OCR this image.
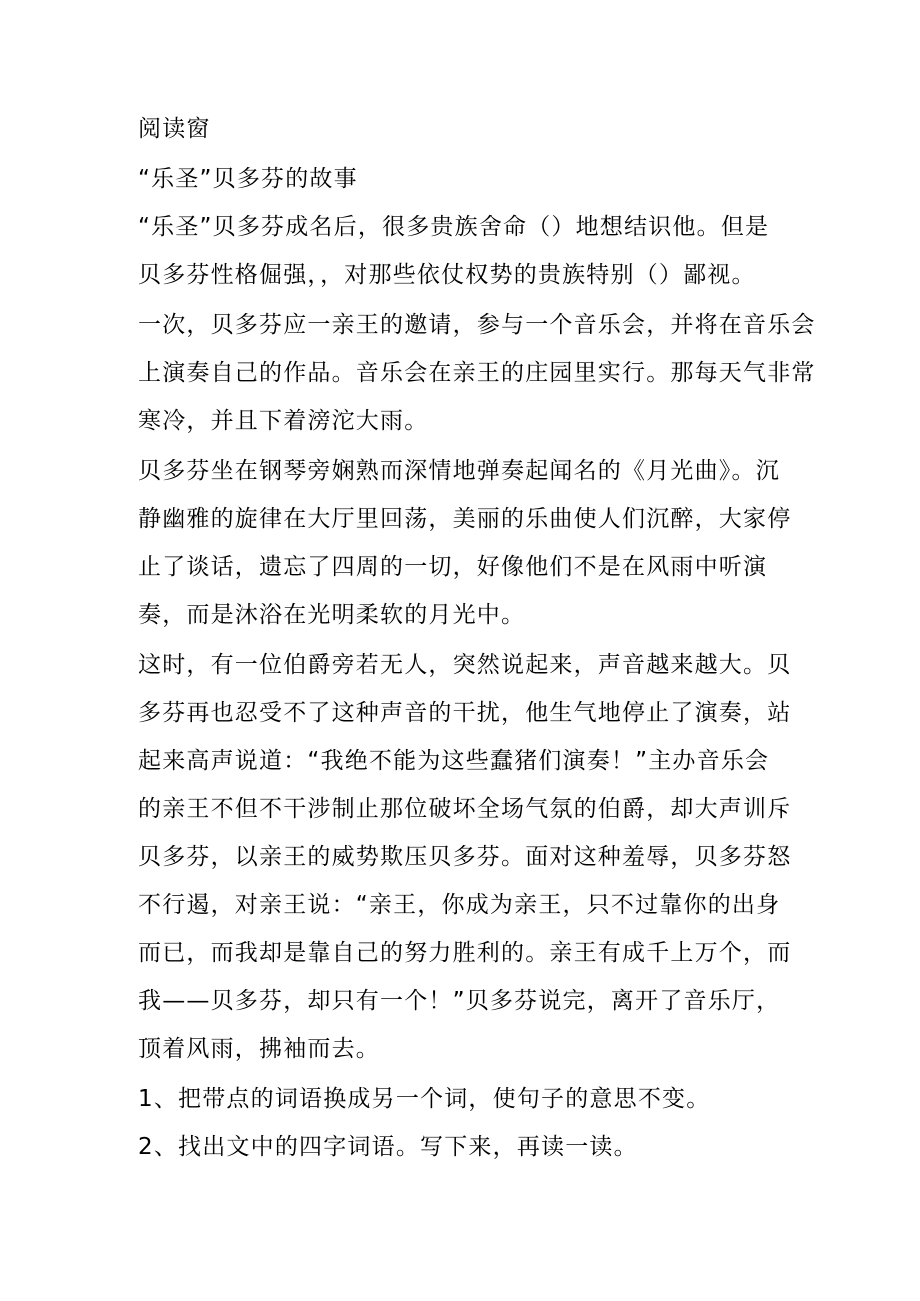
阅读窗
“乐圣”贝多芬的故事
“乐圣”贝多芬成名后，很多贵族舍命（）地想结识他。但是
贝多芬性格倔强，，对那些依仗权势的贵族特别（）鄙视。
一次，贝多芬应一亲王的邀请，参与一个音乐会，并将在音乐会
上演奏自己的作品。音乐会在亲王的庄园里实行。那每天气非常
寒冷，并且下着滂沱大雨。
贝多芬坐在钢琴旁娴熟而深情地弹奏起闻名的《月光曲》。沉
静幽雅的旋律在大厅里回荡，美丽的乐曲使人们沉醉，大家停
止了谈话，遗忘了四周的一切，好像他们不是在风雨中听演
奏，而是沐浴在光明柔软的月光中。
这时，有一位伯爵旁若无人，突然说起来，声音越来越大。贝
多芬再也忍受不了这种声音的干扰，他生气地停止了演奏，站
起来高声说道：“我绝不能为这些蠢猪们演奏！”主办音乐会
的亲王不但不干涉制止那位破坏全场气氛的伯爵，却大声训斥
贝多芬，以亲王的威势欺压贝多芬。面对这种羞辱，贝多芬怒
不行遏，对亲王说：“亲王，你成为亲王，只不过靠你的出身
而已，而我却是靠自己的努力胜利的。亲王有成千上万个，而
我——贝多芬，却只有一个！”贝多芬说完，离开了音乐厅，
顶着风雨，拂袖而去。
1、把带点的词语换成另一个词，使句子的意思不变。
2、找出文中的四字词语。写下来，再读一读。
